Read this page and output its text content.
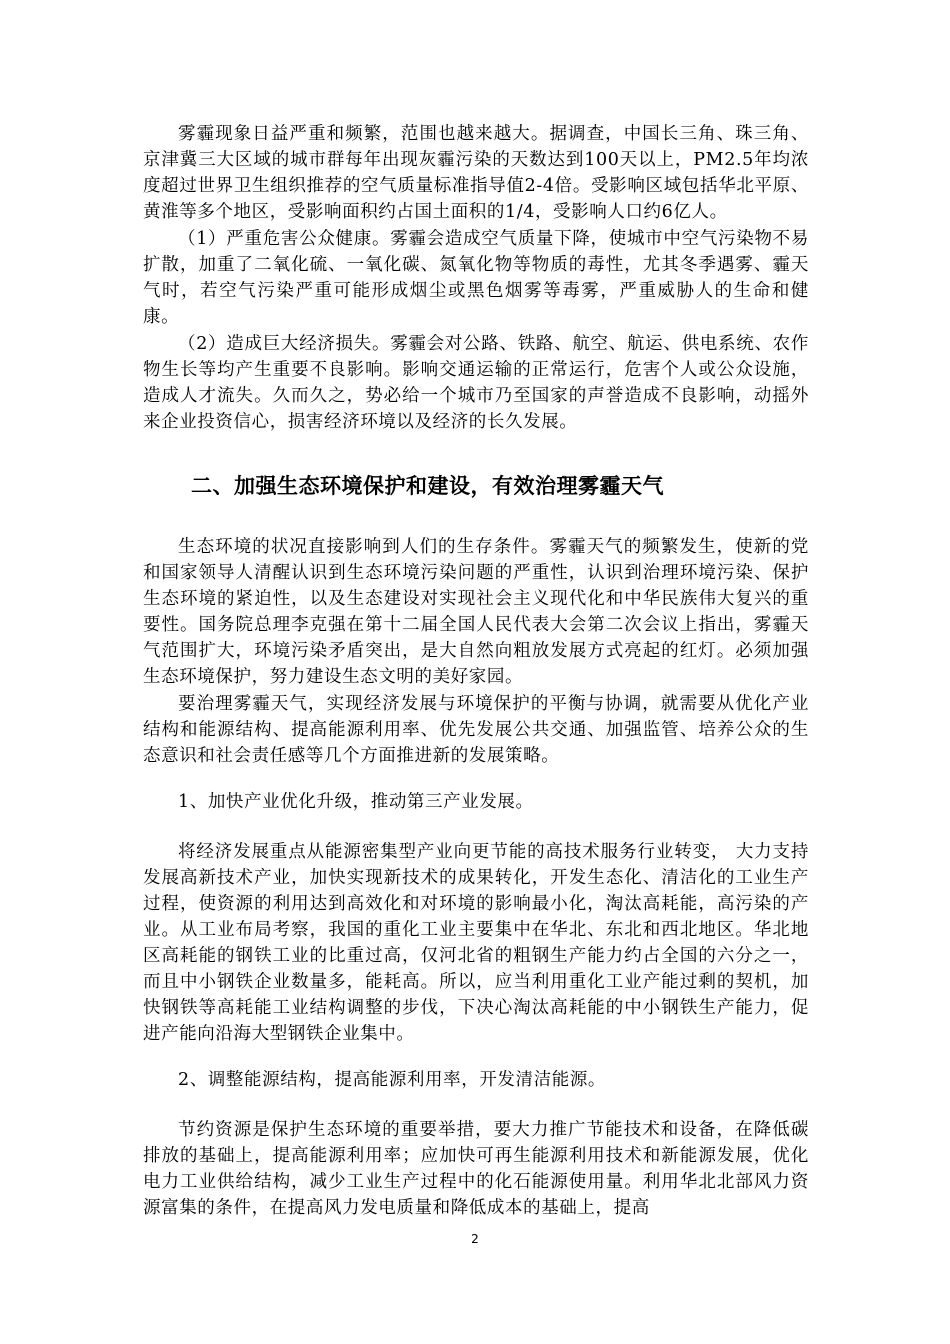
雾霾现象日益严重和频繁，范围也越来越大。据调查，中国长三角、珠三角、京津冀三大区域的城市群每年出现灰霾污染的天数达到100天以上，PM2.5年均浓度超过世界卫生组织推荐的空气质量标准指导值2-4倍。受影响区域包括华北平原、黄淮等多个地区，受影响面积约占国土面积的1/4，受影响人口约6亿人。

（1）严重危害公众健康。雾霾会造成空气质量下降，使城市中空气污染物不易扩散，加重了二氧化硫、一氧化碳、氮氧化物等物质的毒性，尤其冬季遇雾、霾天气时，若空气污染严重可能形成烟尘或黑色烟雾等毒雾，严重威胁人的生命和健康。

（2）造成巨大经济损失。雾霾会对公路、铁路、航空、航运、供电系统、农作物生长等均产生重要不良影响。影响交通运输的正常运行，危害个人或公众设施，造成人才流失。久而久之，势必给一个城市乃至国家的声誉造成不良影响，动摇外来企业投资信心，损害经济环境以及经济的长久发展。

二、加强生态环境保护和建设，有效治理雾霾天气

生态环境的状况直接影响到人们的生存条件。雾霾天气的频繁发生，使新的党和国家领导人清醒认识到生态环境污染问题的严重性，认识到治理环境污染、保护生态环境的紧迫性，以及生态建设对实现社会主义现代化和中华民族伟大复兴的重要性。国务院总理李克强在第十二届全国人民代表大会第二次会议上指出，雾霾天气范围扩大，环境污染矛盾突出，是大自然向粗放发展方式亮起的红灯。必须加强生态环境保护，努力建设生态文明的美好家园。

要治理雾霾天气，实现经济发展与环境保护的平衡与协调，就需要从优化产业结构和能源结构、提高能源利用率、优先发展公共交通、加强监管、培养公众的生态意识和社会责任感等几个方面推进新的发展策略。

1、加快产业优化升级，推动第三产业发展。

将经济发展重点从能源密集型产业向更节能的高技术服务行业转变， 大力支持发展高新技术产业，加快实现新技术的成果转化，开发生态化、清洁化的工业生产过程，使资源的利用达到高效化和对环境的影响最小化，淘汰高耗能，高污染的产业。从工业布局考察，我国的重化工业主要集中在华北、东北和西北地区。华北地区高耗能的钢铁工业的比重过高，仅河北省的粗钢生产能力约占全国的六分之一，而且中小钢铁企业数量多，能耗高。所以，应当利用重化工业产能过剩的契机，加快钢铁等高耗能工业结构调整的步伐，下决心淘汰高耗能的中小钢铁生产能力，促进产能向沿海大型钢铁企业集中。

2、调整能源结构，提高能源利用率，开发清洁能源。

节约资源是保护生态环境的重要举措，要大力推广节能技术和设备，在降低碳排放的基础上，提高能源利用率；应加快可再生能源利用技术和新能源发展，优化电力工业供给结构，减少工业生产过程中的化石能源使用量。利用华北北部风力资源富集的条件，在提高风力发电质量和降低成本的基础上，提高

2
